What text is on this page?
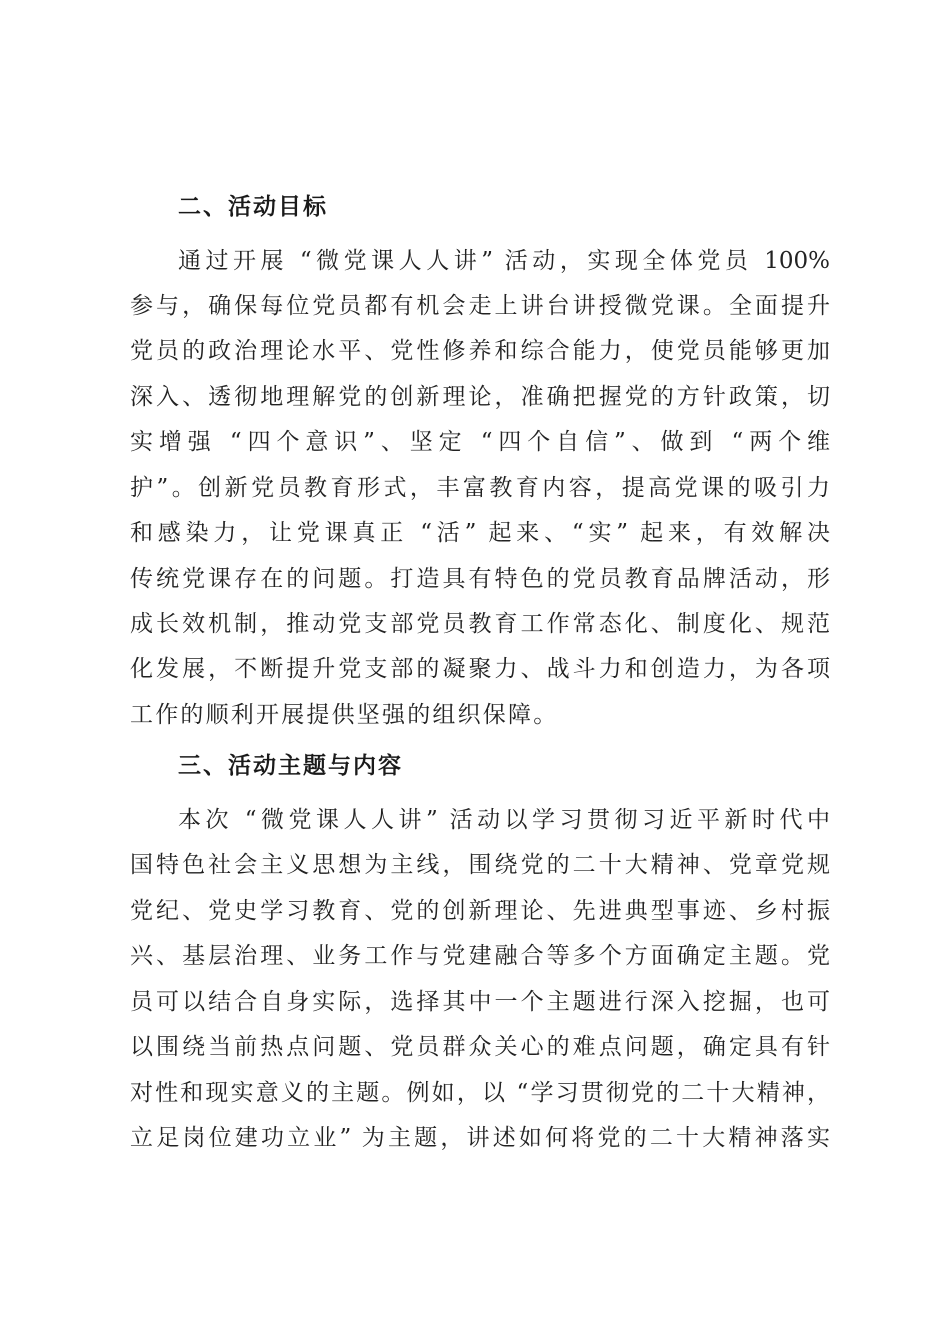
二、活动目标
通过开展 “微党课人人讲” 活动，实现全体党员 100%
参与，确保每位党员都有机会走上讲台讲授微党课。全面提升
党员的政治理论水平、党性修养和综合能力，使党员能够更加
深入、透彻地理解党的创新理论，准确把握党的方针政策，切
实增强 “四个意识”、坚定 “四个自信”、做到 “两个维
护”。创新党员教育形式，丰富教育内容，提高党课的吸引力
和感染力，让党课真正 “活” 起来、“实” 起来，有效解决
传统党课存在的问题。打造具有特色的党员教育品牌活动，形
成长效机制，推动党支部党员教育工作常态化、制度化、规范
化发展，不断提升党支部的凝聚力、战斗力和创造力，为各项
工作的顺利开展提供坚强的组织保障。
三、活动主题与内容
本次 “微党课人人讲” 活动以学习贯彻习近平新时代中
国特色社会主义思想为主线，围绕党的二十大精神、党章党规
党纪、党史学习教育、党的创新理论、先进典型事迹、乡村振
兴、基层治理、业务工作与党建融合等多个方面确定主题。党
员可以结合自身实际，选择其中一个主题进行深入挖掘，也可
以围绕当前热点问题、党员群众关心的难点问题，确定具有针
对性和现实意义的主题。例如，以 “学习贯彻党的二十大精神，
立足岗位建功立业” 为主题，讲述如何将党的二十大精神落实
